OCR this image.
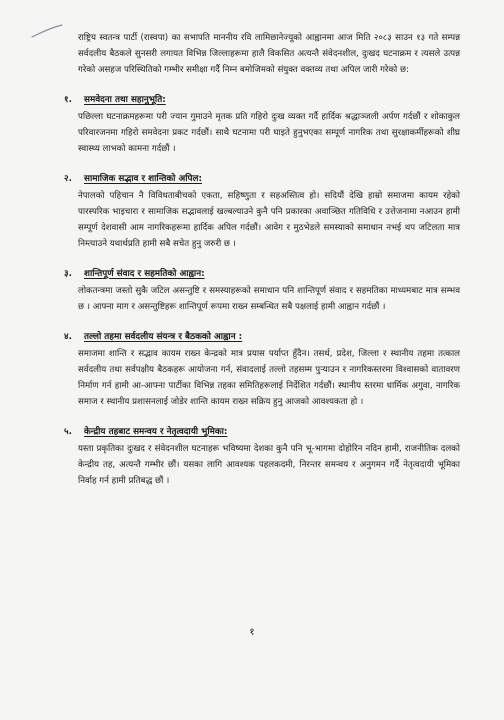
राष्ट्रिय स्वतन्त्र पार्टी (रास्वपा) का सभापति माननीय रवि लामिछानेज्यूको आह्वानमा आज मिति २०८३ साउन १३ गते सम्पन्न सर्वदलीय बैठकले सुनसरी लगायत विभिन्न जिल्लाहरूमा हालै विकसित अत्यन्तै संवेदनशील, दुःखद घटनाक्रम र त्यसले उत्पन्न गरेको असहज परिस्थितिको गम्भीर समीक्षा गर्दै निम्न बमोजिमको संयुक्त वक्तव्य तथा अपिल जारी गरेको छ:

१.	समवेदना तथा सहानुभूति:

पछिल्ला घटनाक्रमहरूमा परी ज्यान गुमाउने मृतक प्रति गहिरो दुःख व्यक्त गर्दै हार्दिक श्रद्धाञ्जली अर्पण गर्दछौं र शोकाकुल परिवारजनमा गहिरो समवेदना प्रकट गर्दछौं। साथै घटनामा परी घाइते हुनुभएका सम्पूर्ण नागरिक तथा सुरक्षाकर्मीहरूको शीघ्र स्वास्थ्य लाभको कामना गर्दछौं ।

२.	सामाजिक सद्भाव र शान्तिको अपिल:

नेपालको पहिचान नै विविधताबीचको एकता, सहिष्णुता र सहअस्तित्व हो। सदियौं देखि हाम्रो समाजमा कायम रहेको पारस्परिक भाइचारा र सामाजिक सद्भावलाई खल्बल्याउने कुनै पनि प्रकारका अवाञ्छित गतिविधि र उत्तेजनामा नआउन हामी सम्पूर्ण देशवासी आम नागरिकहरूमा हार्दिक अपिल गर्दछौं। आवेग र मुठभेडले समस्याको समाधान नभई थप जटिलता मात्र निम्त्याउने यथार्थप्रति हामी सबै सचेत हुनु जरुरी छ ।

३.	शान्तिपूर्ण संवाद र सहमतिको आह्वान:

लोकतन्त्रमा जस्तो सुकै जटिल असन्तुष्टि र समस्याहरूको समाधान पनि शान्तिपूर्ण संवाद र सहमतिका माध्यमबाट मात्र सम्भव छ । आफ्ना माग र असन्तुष्टिहरू शान्तिपूर्ण रूपमा राख्न सम्बन्धित सबै पक्षलाई हामी आह्वान गर्दछौं ।

४.	तल्लो तहमा सर्वदलीय संयन्त्र र बैठकको आह्वान :

समाजमा शान्ति र सद्भाव कायम राख्न केन्द्रको मात्र प्रयास पर्याप्त हुँदैन। तसर्थ, प्रदेश, जिल्ला र स्थानीय तहमा तत्काल सर्वदलीय तथा सर्वपक्षीय बैठकहरू आयोजना गर्न, संवादलाई तल्लो तहसम्म पुऱ्याउन र नागरिकस्तरमा विश्वासको वातावरण निर्माण गर्न हामी आ-आफ्ना पार्टीका विभिन्न तहका समितिहरूलाई निर्देशित गर्दछौं। स्थानीय स्तरमा धार्मिक अगुवा, नागरिक समाज र स्थानीय प्रशासनलाई जोडेर शान्ति कायम राख्न सक्रिय हुनु आजको आवश्यकता हो ।

५.	केन्द्रीय तहबाट समन्वय र नेतृत्वदायी भूमिका:

यस्ता प्रकृतिका दुःखद र संवेदनशील घटनाहरू भविष्यमा देशका कुनै पनि भू-भागमा दोहोरिन नदिन हामी, राजनीतिक दलको केन्द्रीय तह, अत्यन्तै गम्भीर छौं। यसका लागि आवश्यक पहलकदमी, निरन्तर समन्वय र अनुगमन गर्दै नेतृत्वदायी भूमिका निर्वाह गर्न हामी प्रतिबद्ध छौं ।

१
